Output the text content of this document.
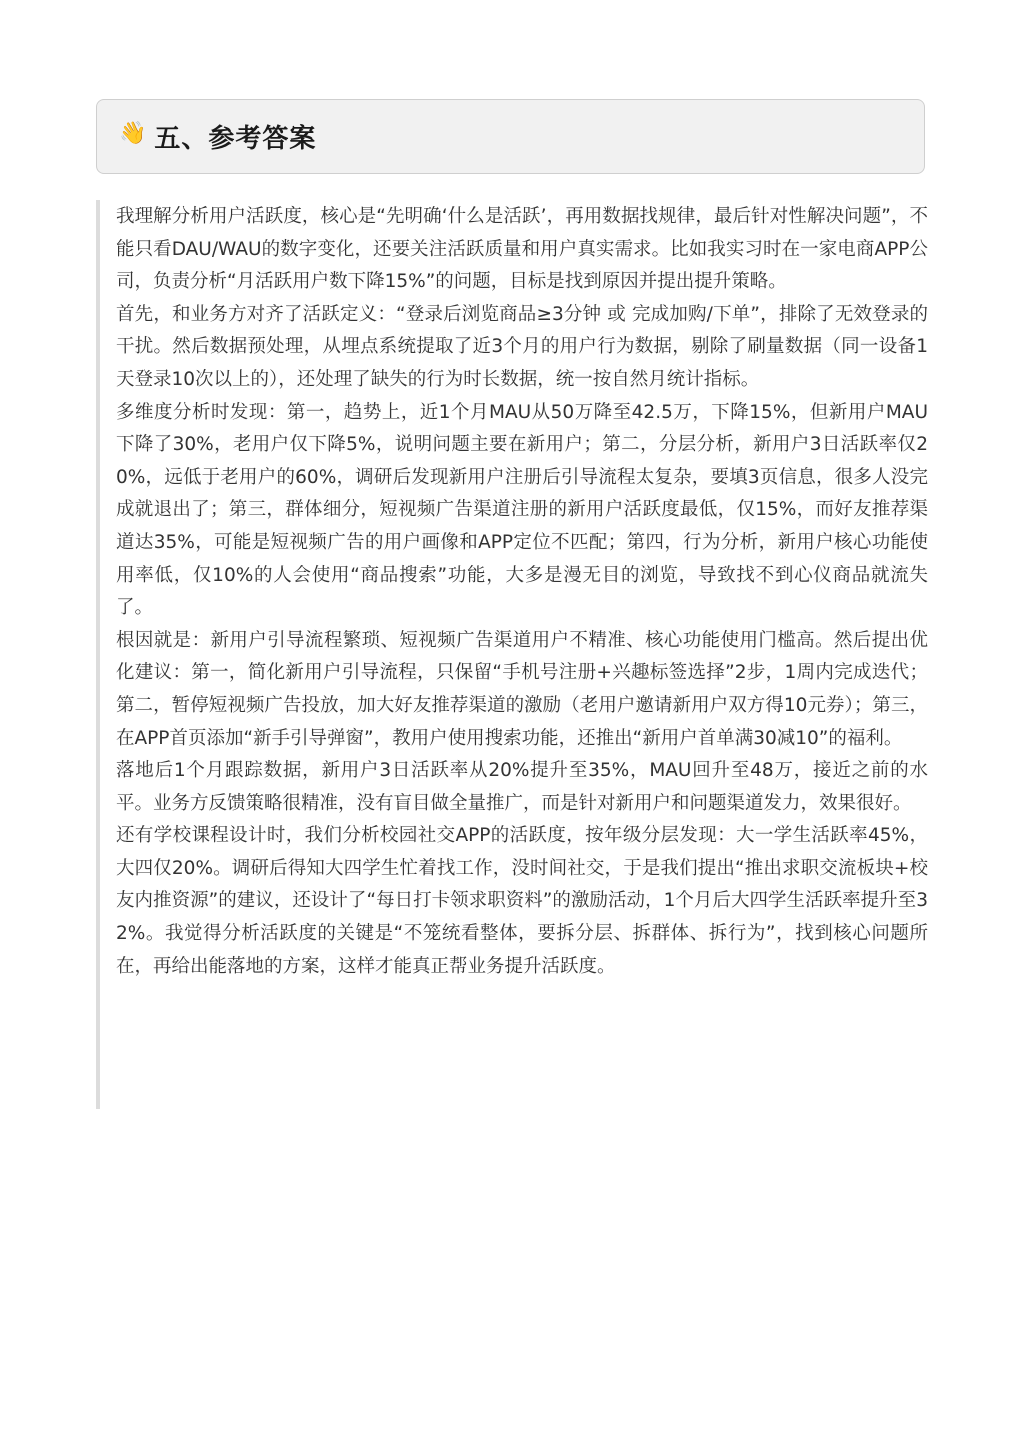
👋 五、参考答案

我理解分析用户活跃度，核心是“先明确‘什么是活跃’，再用数据找规律，最后针对性解决问题”，不能只看DAU/WAU的数字变化，还要关注活跃质量和用户真实需求。比如我实习时在一家电商APP公司，负责分析“月活跃用户数下降15%”的问题，目标是找到原因并提出提升策略。

首先，和业务方对齐了活跃定义：“登录后浏览商品≥3分钟 或 完成加购/下单”，排除了无效登录的干扰。然后数据预处理，从埋点系统提取了近3个月的用户行为数据，剔除了刷量数据（同一设备1天登录10次以上的），还处理了缺失的行为时长数据，统一按自然月统计指标。

多维度分析时发现：第一，趋势上，近1个月MAU从50万降至42.5万，下降15%，但新用户MAU下降了30%，老用户仅下降5%，说明问题主要在新用户；第二，分层分析，新用户3日活跃率仅20%，远低于老用户的60%，调研后发现新用户注册后引导流程太复杂，要填3页信息，很多人没完成就退出了；第三，群体细分，短视频广告渠道注册的新用户活跃度最低，仅15%，而好友推荐渠道达35%，可能是短视频广告的用户画像和APP定位不匹配；第四，行为分析，新用户核心功能使用率低，仅10%的人会使用“商品搜索”功能，大多是漫无目的浏览，导致找不到心仪商品就流失了。

根因就是：新用户引导流程繁琐、短视频广告渠道用户不精准、核心功能使用门槛高。然后提出优化建议：第一，简化新用户引导流程，只保留“手机号注册+兴趣标签选择”2步，1周内完成迭代；第二，暂停短视频广告投放，加大好友推荐渠道的激励（老用户邀请新用户双方得10元券）；第三，在APP首页添加“新手引导弹窗”，教用户使用搜索功能，还推出“新用户首单满30减10”的福利。

落地后1个月跟踪数据，新用户3日活跃率从20%提升至35%，MAU回升至48万，接近之前的水平。业务方反馈策略很精准，没有盲目做全量推广，而是针对新用户和问题渠道发力，效果很好。

还有学校课程设计时，我们分析校园社交APP的活跃度，按年级分层发现：大一学生活跃率45%，大四仅20%。调研后得知大四学生忙着找工作，没时间社交，于是我们提出“推出求职交流板块+校友内推资源”的建议，还设计了“每日打卡领求职资料”的激励活动，1个月后大四学生活跃率提升至32%。我觉得分析活跃度的关键是“不笼统看整体，要拆分层、拆群体、拆行为”，找到核心问题所在，再给出能落地的方案，这样才能真正帮业务提升活跃度。
